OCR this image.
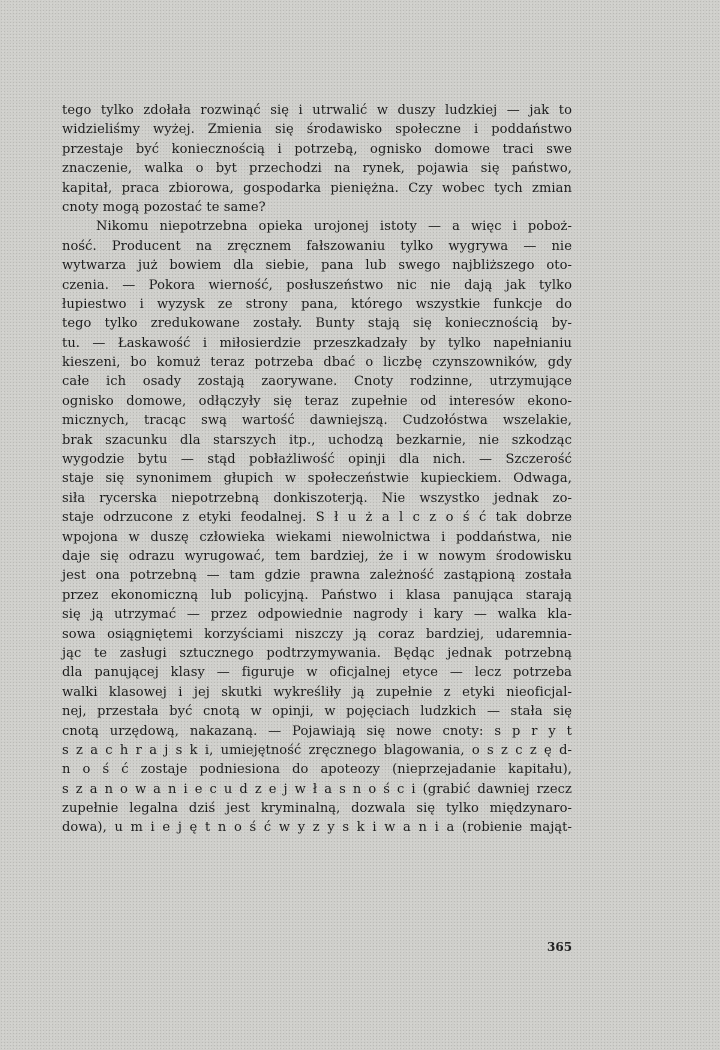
tego tylko zdołała rozwinąć się i utrwalić w duszy ludzkiej — jak to
widzieliśmy wyżej. Zmienia się środawisko społeczne i poddaństwo
przestaje być koniecznością i potrzebą, ognisko domowe traci swe
znaczenie, walka o byt przechodzi na rynek, pojawia się państwo,
kapitał, praca zbiorowa, gospodarka pieniężna. Czy wobec tych zmian
cnoty mogą pozostać te same?
Nikomu niepotrzebna opieka urojonej istoty — a więc i poboż-
ność. Producent na zręcznem fałszowaniu tylko wygrywa — nie
wytwarza już bowiem dla siebie, pana lub swego najbliższego oto-
czenia. — Pokora wierność, posłuszeństwo nic nie dają jak tylko
łupiestwo i wyzysk ze strony pana, którego wszystkie funkcje do
tego tylko zredukowane zostały. Bunty stają się koniecznością by-
tu. — Łaskawość i miłosierdzie przeszkadzały by tylko napełnianiu
kieszeni, bo komuż teraz potrzeba dbać o liczbę czynszowników, gdy
całe ich osady zostają zaorywane. Cnoty rodzinne, utrzymujące
ognisko domowe, odłączyły się teraz zupełnie od interesów ekono-
micznych, tracąc swą wartość dawniejszą. Cudzołóstwa wszelakie,
brak szacunku dla starszych itp., uchodzą bezkarnie, nie szkodząc
wygodzie bytu — stąd pobłażliwość opinji dla nich. — Szczerość
staje się synonimem głupich w społeczeństwie kupieckiem. Odwaga,
siła rycerska niepotrzebną donkiszoterją. Nie wszystko jednak zo-
staje odrzucone z etyki feodalnej. S ł u ż a l c z o ś ć tak dobrze
wpojona w duszę człowieka wiekami niewolnictwa i poddaństwa, nie
daje się odrazu wyrugować, tem bardziej, że i w nowym środowisku
jest ona potrzebną — tam gdzie prawna zależność zastąpioną została
przez ekonomiczną lub policyjną. Państwo i klasa panująca starają
się ją utrzymać — przez odpowiednie nagrody i kary — walka kla-
sowa osiągniętemi korzyściami niszczy ją coraz bardziej, udaremnia-
jąc te zasługi sztucznego podtrzymywania. Będąc jednak potrzebną
dla panującej klasy — figuruje w oficjalnej etyce — lecz potrzeba
walki klasowej i jej skutki wykreśliły ją zupełnie z etyki nieoficjal-
nej, przestała być cnotą w opinji, w pojęciach ludzkich — stała się
cnotą urzędową, nakazaną. — Pojawiają się nowe cnoty: s p r y t
s z a c h r a j s k i, umiejętność zręcznego blagowania, o s z c z ę d-
n o ś ć zostaje podniesiona do apoteozy (nieprzejadanie kapitału),
s z a n o w a n i e c u d z e j w ł a s n o ś c i (grabić dawniej rzecz
zupełnie legalna dziś jest kryminalną, dozwala się tylko międzynaro-
dowa), u m i e j ę t n o ś ć w y z y s k i w a n i a (robienie mająt-
365
